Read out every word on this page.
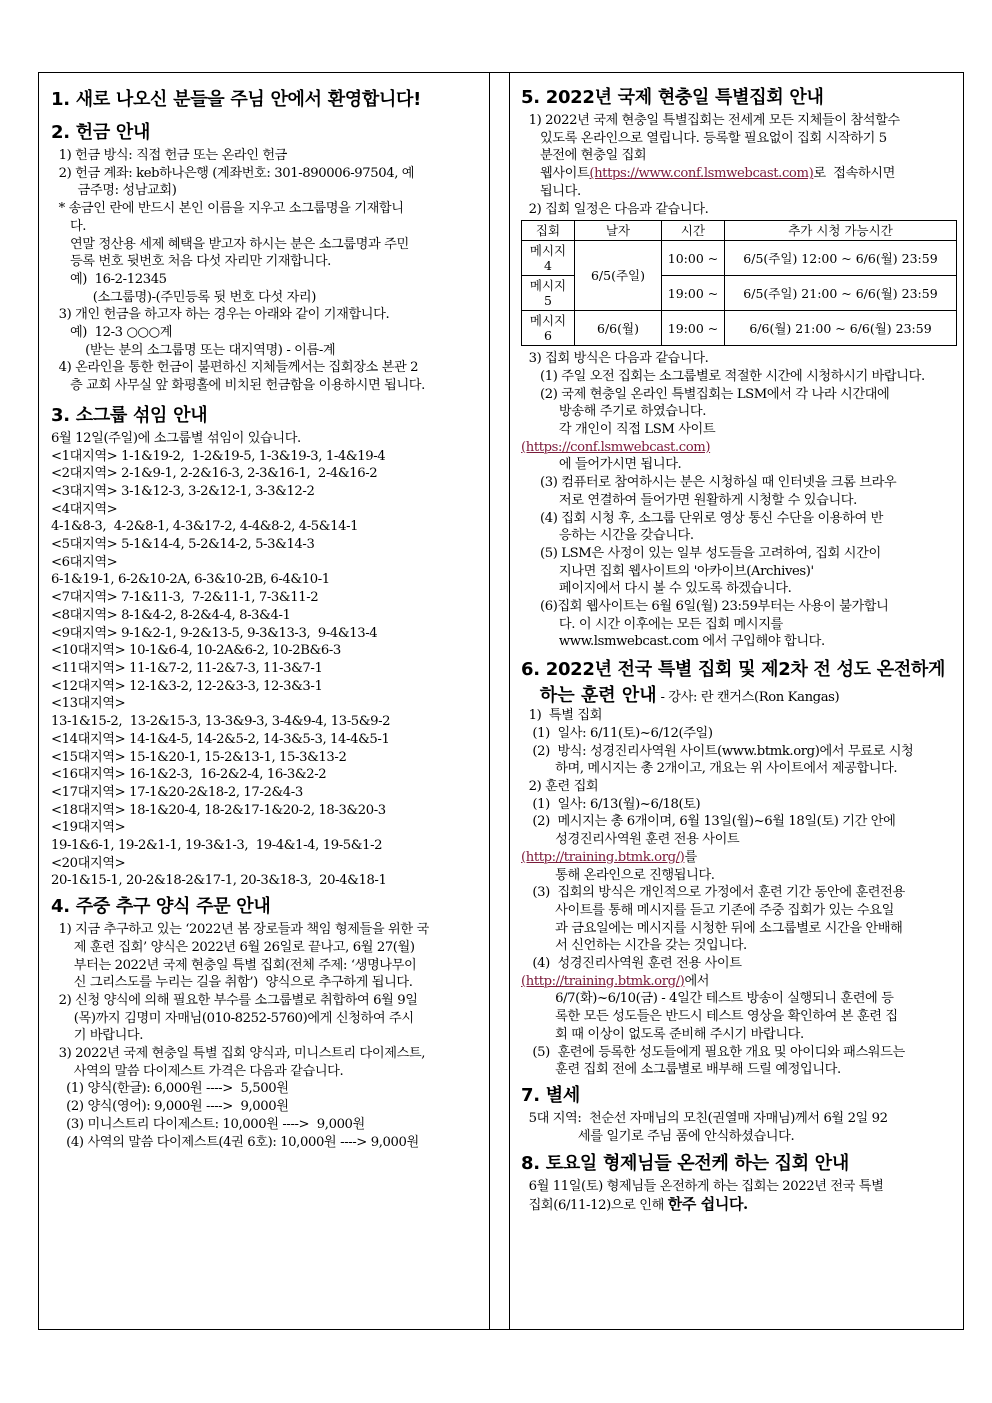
1. 새로 나오신 분들을 주님 안에서 환영합니다!
2. 헌금 안내
1) 헌금 방식: 직접 헌금 또는 온라인 헌금
2) 헌금 계좌: keb하나은행 (계좌번호: 301-890006-97504, 예
금주명: 성남교회)
* 송금인 란에 반드시 본인 이름을 지우고 소그룹명을 기재합니
다.
연말 정산용 세제 혜택을 받고자 하시는 분은 소그룹명과 주민
등록 번호 뒷번호 처음 다섯 자리만 기재합니다.
예)  16-2-12345
(소그룹명)-(주민등록 뒷 번호 다섯 자리)
3) 개인 헌금을 하고자 하는 경우는 아래와 같이 기재합니다.
예)  12-3 ○○○계
(받는 분의 소그룹명 또는 대지역명) - 이름-계
4) 온라인을 통한 헌금이 불편하신 지체들께서는 집회장소 본관 2
층 교회 사무실 앞 화평홀에 비치된 헌금함을 이용하시면 됩니다.
3. 소그룹 섞임 안내
6월 12일(주일)에 소그룹별 섞임이 있습니다.
<1대지역> 1-1&19-2,  1-2&19-5, 1-3&19-3, 1-4&19-4
<2대지역> 2-1&9-1, 2-2&16-3, 2-3&16-1,  2-4&16-2
<3대지역> 3-1&12-3, 3-2&12-1, 3-3&12-2
<4대지역>
4-1&8-3,  4-2&8-1, 4-3&17-2, 4-4&8-2, 4-5&14-1
<5대지역> 5-1&14-4, 5-2&14-2, 5-3&14-3
<6대지역>
6-1&19-1, 6-2&10-2A, 6-3&10-2B, 6-4&10-1
<7대지역> 7-1&11-3,  7-2&11-1, 7-3&11-2
<8대지역> 8-1&4-2, 8-2&4-4, 8-3&4-1
<9대지역> 9-1&2-1, 9-2&13-5, 9-3&13-3,  9-4&13-4
<10대지역> 10-1&6-4, 10-2A&6-2, 10-2B&6-3
<11대지역> 11-1&7-2, 11-2&7-3, 11-3&7-1
<12대지역> 12-1&3-2, 12-2&3-3, 12-3&3-1
<13대지역>
13-1&15-2,  13-2&15-3, 13-3&9-3, 3-4&9-4, 13-5&9-2
<14대지역> 14-1&4-5, 14-2&5-2, 14-3&5-3, 14-4&5-1
<15대지역> 15-1&20-1, 15-2&13-1, 15-3&13-2
<16대지역> 16-1&2-3,  16-2&2-4, 16-3&2-2
<17대지역> 17-1&20-2&18-2, 17-2&4-3
<18대지역> 18-1&20-4, 18-2&17-1&20-2, 18-3&20-3
<19대지역>
19-1&6-1, 19-2&1-1, 19-3&1-3,  19-4&1-4, 19-5&1-2
<20대지역>
20-1&15-1, 20-2&18-2&17-1, 20-3&18-3,  20-4&18-1
4. 주중 추구 양식 주문 안내
1) 지금 추구하고 있는 ‘2022년 봄 장로들과 책임 형제들을 위한 국
제 훈련 집회’ 양식은 2022년 6월 26일로 끝나고, 6월 27(월)
부터는 2022년 국제 현충일 특별 집회(전체 주제: ‘생명나무이
신 그리스도를 누리는 길을 취함’)  양식으로 추구하게 됩니다.
2) 신청 양식에 의해 필요한 부수를 소그룹별로 취합하여 6월 9일
(목)까지 김명미 자매님(010-8252-5760)에게 신청하여 주시
기 바랍니다.
3) 2022년 국제 현충일 특별 집회 양식과, 미니스트리 다이제스트,
사역의 말씀 다이제스트 가격은 다음과 같습니다.
(1) 양식(한글): 6,000원 ---->  5,500원
(2) 양식(영어): 9,000원 ---->  9,000원
(3) 미니스트리 다이제스트: 10,000원 ---->  9,000원
(4) 사역의 말씀 다이제스트(4권 6호): 10,000원 ----> 9,000원
5. 2022년 국제 현충일 특별집회 안내
1) 2022년 국제 현충일 특별집회는 전세계 모든 지체들이 참석할수
있도록 온라인으로 열립니다. 등록할 필요없이 집회 시작하기 5
분전에 현충일 집회
웹사이트(https://www.conf.lsmwebcast.com)로  접속하시면
됩니다.
2) 집회 일정은 다음과 같습니다.
집회	날자	시간	추가 시청 가능시간
메시지 4	6/5(주일)	10:00 ~	6/5(주일) 12:00 ~ 6/6(월) 23:59
메시지 5		19:00 ~	6/5(주일) 21:00 ~ 6/6(월) 23:59
메시지 6	6/6(월)	19:00 ~	6/6(월) 21:00 ~ 6/6(월) 23:59
3) 집회 방식은 다음과 같습니다.
(1) 주일 오전 집회는 소그룹별로 적절한 시간에 시청하시기 바랍니다.
(2) 국제 현충일 온라인 특별집회는 LSM에서 각 나라 시간대에
방송해 주기로 하였습니다.
각 개인이 직접 LSM 사이트
(https://conf.lsmwebcast.com)
에 들어가시면 됩니다.
(3) 컴퓨터로 참여하시는 분은 시청하실 때 인터넷을 크롬 브라우
저로 연결하여 들어가면 원활하게 시청할 수 있습니다.
(4) 집회 시청 후, 소그룹 단위로 영상 통신 수단을 이용하여 반
응하는 시간을 갖습니다.
(5) LSM은 사정이 있는 일부 성도들을 고려하여, 집회 시간이
지나면 집회 웹사이트의 '아카이브(Archives)'
페이지에서 다시 볼 수 있도록 하겠습니다.
(6)집회 웹사이트는 6월 6일(월) 23:59부터는 사용이 불가합니
다. 이 시간 이후에는 모든 집회 메시지를
www.lsmwebcast.com 에서 구입해야 합니다.
6. 2022년 전국 특별 집회 및 제2차 전 성도 온전하게
하는 훈련 안내 - 강사: 란 캔거스(Ron Kangas)
1)  특별 집회
(1)  일사: 6/11(토)~6/12(주일)
(2)  방식: 성경진리사역원 사이트(www.btmk.org)에서 무료로 시청
하며, 메시지는 총 2개이고, 개요는 위 사이트에서 제공합니다.
2) 훈련 집회
(1)  일사: 6/13(월)~6/18(토)
(2)  메시지는 총 6개이며, 6월 13일(월)~6월 18일(토) 기간 안에
성경진리사역원 훈련 전용 사이트
(http://training.btmk.org/)를
통해 온라인으로 진행됩니다.
(3)  집회의 방식은 개인적으로 가정에서 훈련 기간 동안에 훈련전용
사이트를 통해 메시지를 듣고 기존에 주중 집회가 있는 수요일
과 금요일에는 메시지를 시청한 뒤에 소그룹별로 시간을 안배해
서 신언하는 시간을 갖는 것입니다.
(4)  성경진리사역원 훈련 전용 사이트
(http://training.btmk.org/)에서
6/7(화)~6/10(금) - 4일간 테스트 방송이 실행되니 훈련에 등
록한 모든 성도들은 반드시 테스트 영상을 확인하여 본 훈련 집
회 때 이상이 없도록 준비해 주시기 바랍니다.
(5)  훈련에 등록한 성도들에게 필요한 개요 및 아이디와 패스워드는
훈련 집회 전에 소그룹별로 배부해 드릴 예정입니다.
7. 별세
5대 지역:  천순선 자매님의 모친(권열매 자매님)께서 6월 2일 92
세를 일기로 주님 품에 안식하셨습니다.
8. 토요일 형제님들 온전케 하는 집회 안내
6월 11일(토) 형제님들 온전하게 하는 집회는 2022년 전국 특별
집회(6/11-12)으로 인해 한주 쉽니다.
